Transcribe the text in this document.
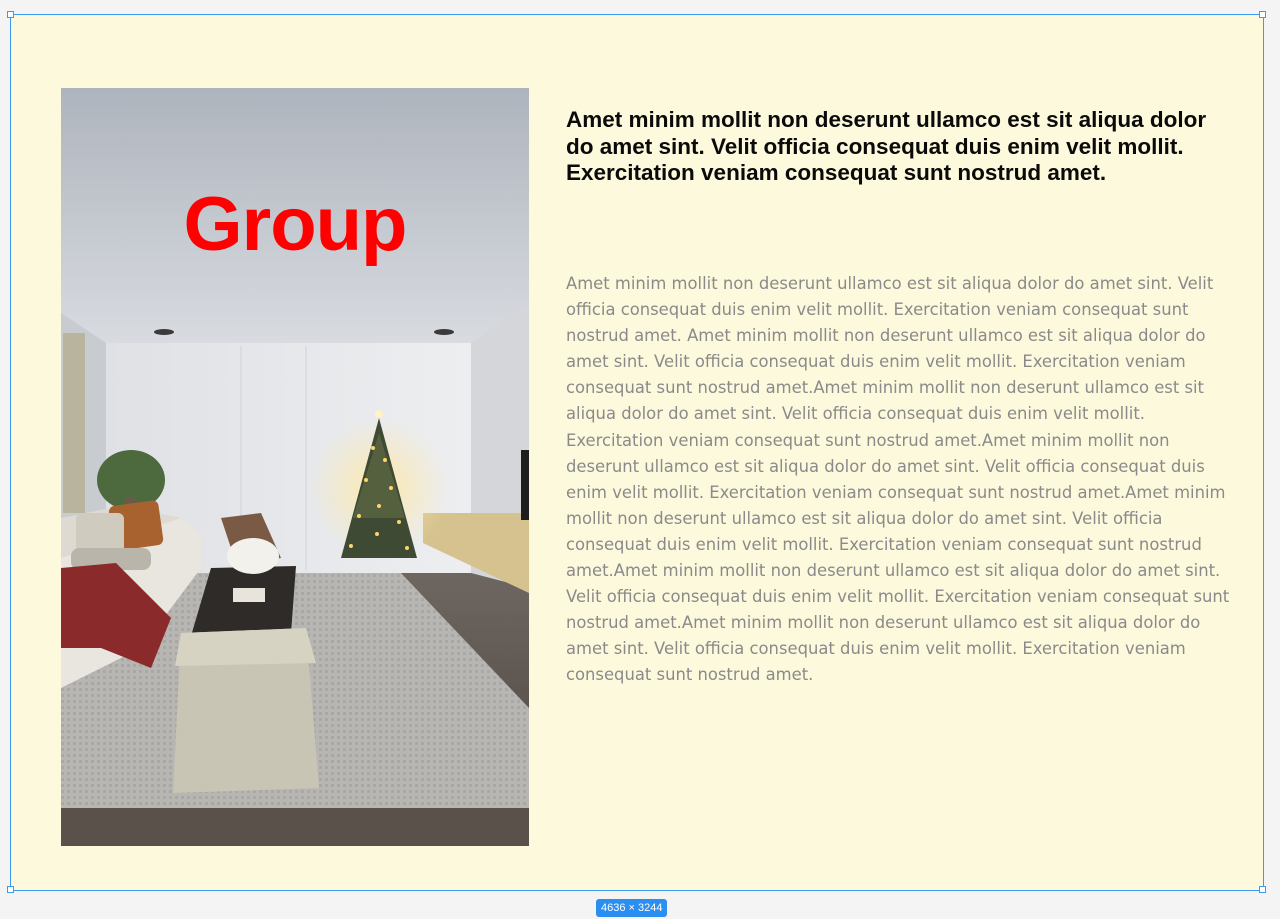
Group
Amet minim mollit non deserunt ullamco est sit aliqua dolor do amet sint. Velit officia consequat duis enim velit mollit. Exercitation veniam consequat sunt nostrud amet.

Amet minim mollit non deserunt ullamco est sit aliqua dolor do amet sint. Velit officia consequat duis enim velit mollit. Exercitation veniam consequat sunt nostrud amet. Amet minim mollit non deserunt ullamco est sit aliqua dolor do amet sint. Velit officia consequat duis enim velit mollit. Exercitation veniam consequat sunt nostrud amet.Amet minim mollit non deserunt ullamco est sit aliqua dolor do amet sint. Velit officia consequat duis enim velit mollit. Exercitation veniam consequat sunt nostrud amet.Amet minim mollit non deserunt ullamco est sit aliqua dolor do amet sint. Velit officia consequat duis enim velit mollit. Exercitation veniam consequat sunt nostrud amet.Amet minim mollit non deserunt ullamco est sit aliqua dolor do amet sint. Velit officia consequat duis enim velit mollit. Exercitation veniam consequat sunt nostrud amet.Amet minim mollit non deserunt ullamco est sit aliqua dolor do amet sint. Velit officia consequat duis enim velit mollit. Exercitation veniam consequat sunt nostrud amet.Amet minim mollit non deserunt ullamco est sit aliqua dolor do amet sint. Velit officia consequat duis enim velit mollit. Exercitation veniam consequat sunt nostrud amet.

4636 × 3244
